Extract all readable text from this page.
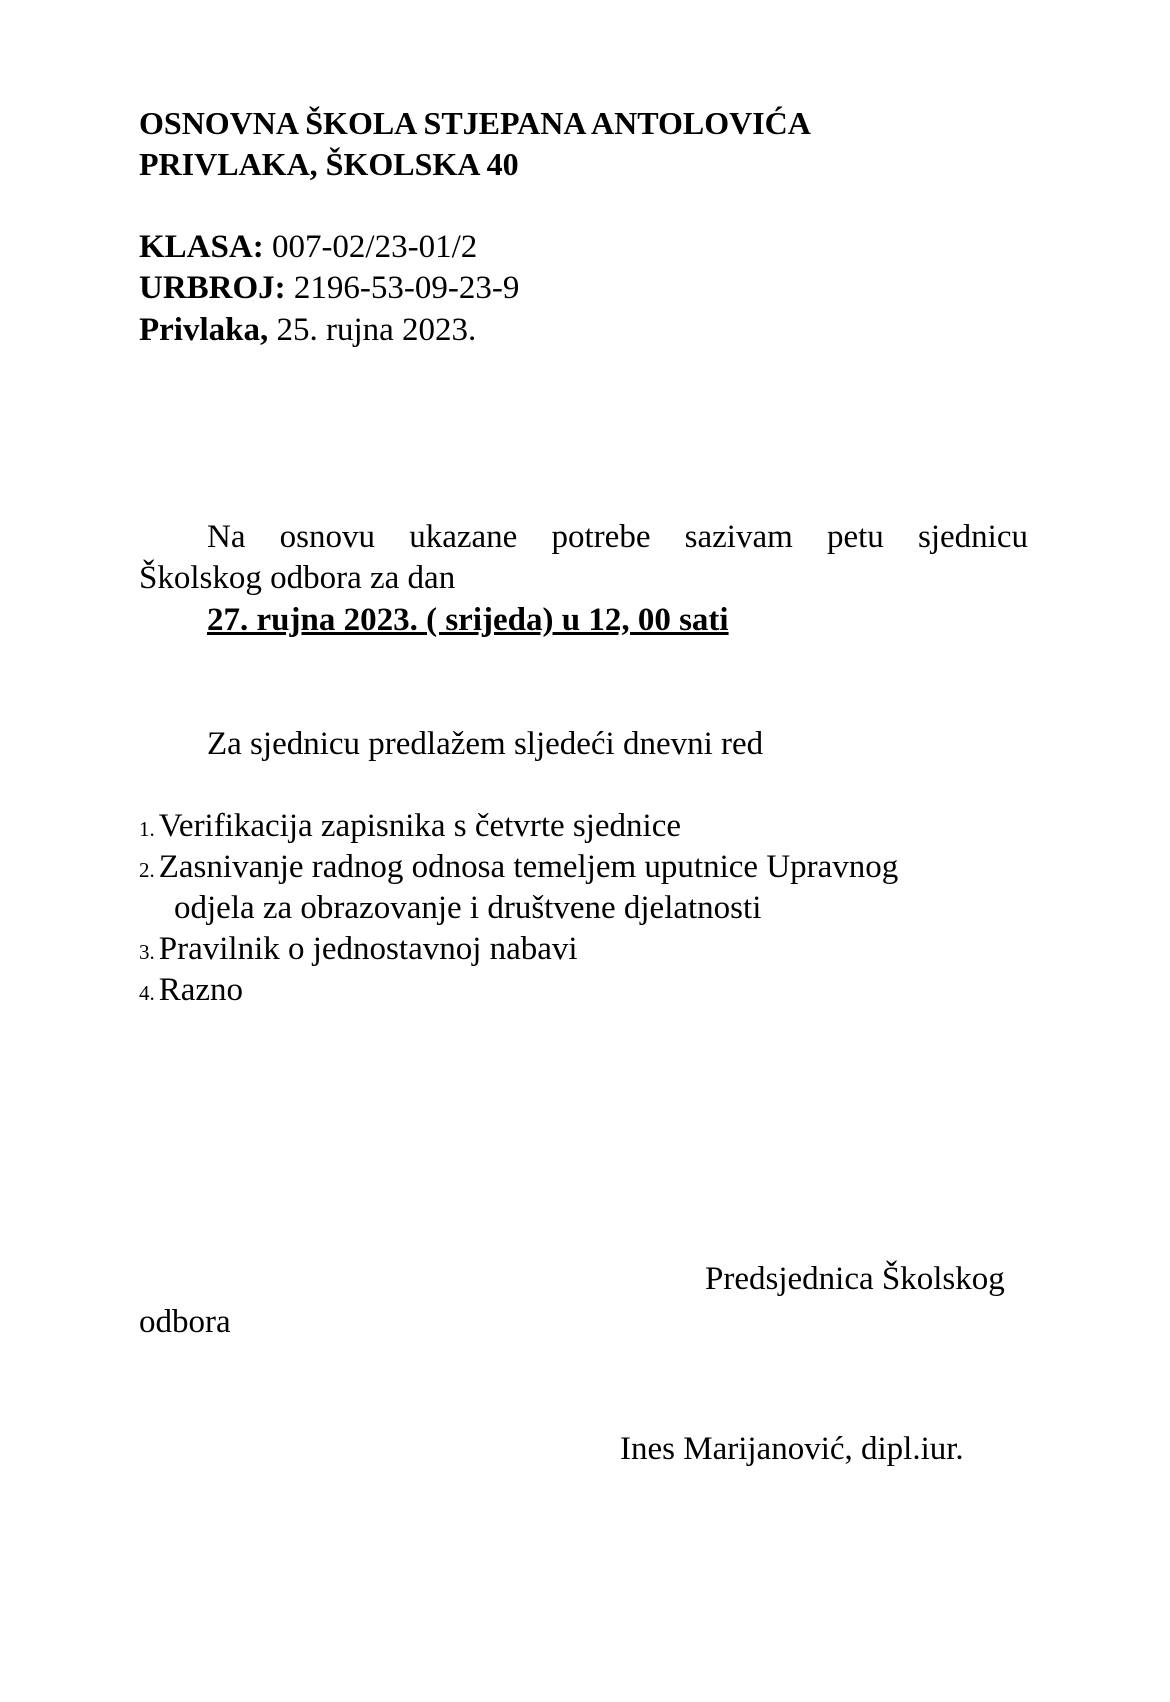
OSNOVNA ŠKOLA STJEPANA ANTOLOVIĆA
PRIVLAKA, ŠKOLSKA 40
KLASA: 007-02/23-01/2
URBROJ: 2196-53-09-23-9
Privlaka, 25. rujna 2023.
Na osnovu ukazane potrebe sazivam petu sjednicu
Školskog odbora za dan
27. rujna 2023. ( srijeda) u 12, 00 sati
Za sjednicu predlažem sljedeći dnevni red
1. Verifikacija zapisnika s četvrte sjednice
2. Zasnivanje radnog odnosa temeljem uputnice Upravnog
odjela za obrazovanje i društvene djelatnosti
3. Pravilnik o jednostavnoj nabavi
4. Razno
Predsjednica Školskog
odbora
Ines Marijanović, dipl.iur.
